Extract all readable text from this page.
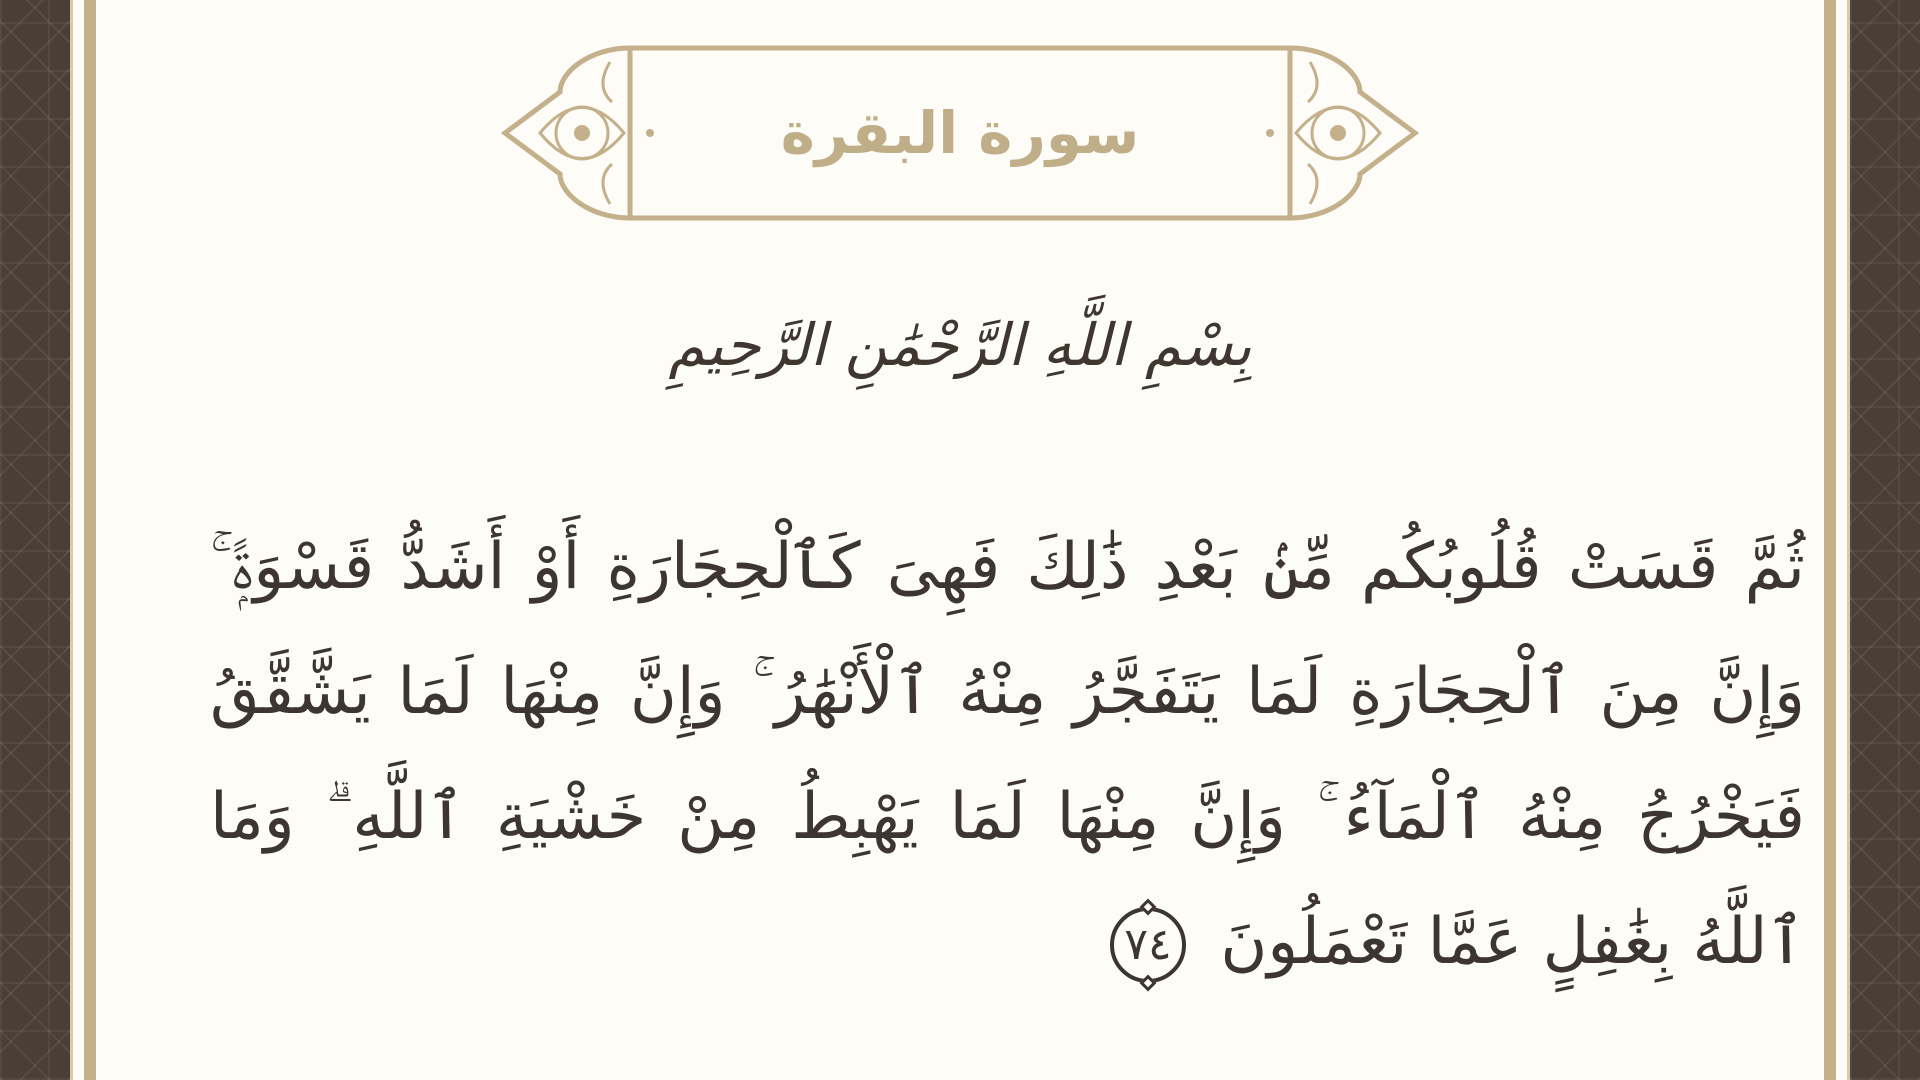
سورة البقرة
بِسْمِ اللَّهِ الرَّحْمَٰنِ الرَّحِيمِ
ثُمَّ قَسَتْ قُلُوبُكُم مِّنۢ بَعْدِ ذَٰلِكَ فَهِىَ كَٱلْحِجَارَةِ أَوْ أَشَدُّ قَسْوَةًۭ ۚ وَإِنَّ مِنَ ٱلْحِجَارَةِ لَمَا يَتَفَجَّرُ مِنْهُ ٱلْأَنْهَٰرُ ۚ وَإِنَّ مِنْهَا لَمَا يَشَّقَّقُ فَيَخْرُجُ مِنْهُ ٱلْمَآءُ ۚ وَإِنَّ مِنْهَا لَمَا يَهْبِطُ مِنْ خَشْيَةِ ٱللَّهِ ۗ وَمَا ٱللَّهُ بِغَٰفِلٍ عَمَّا تَعْمَلُونَ
٧٤
